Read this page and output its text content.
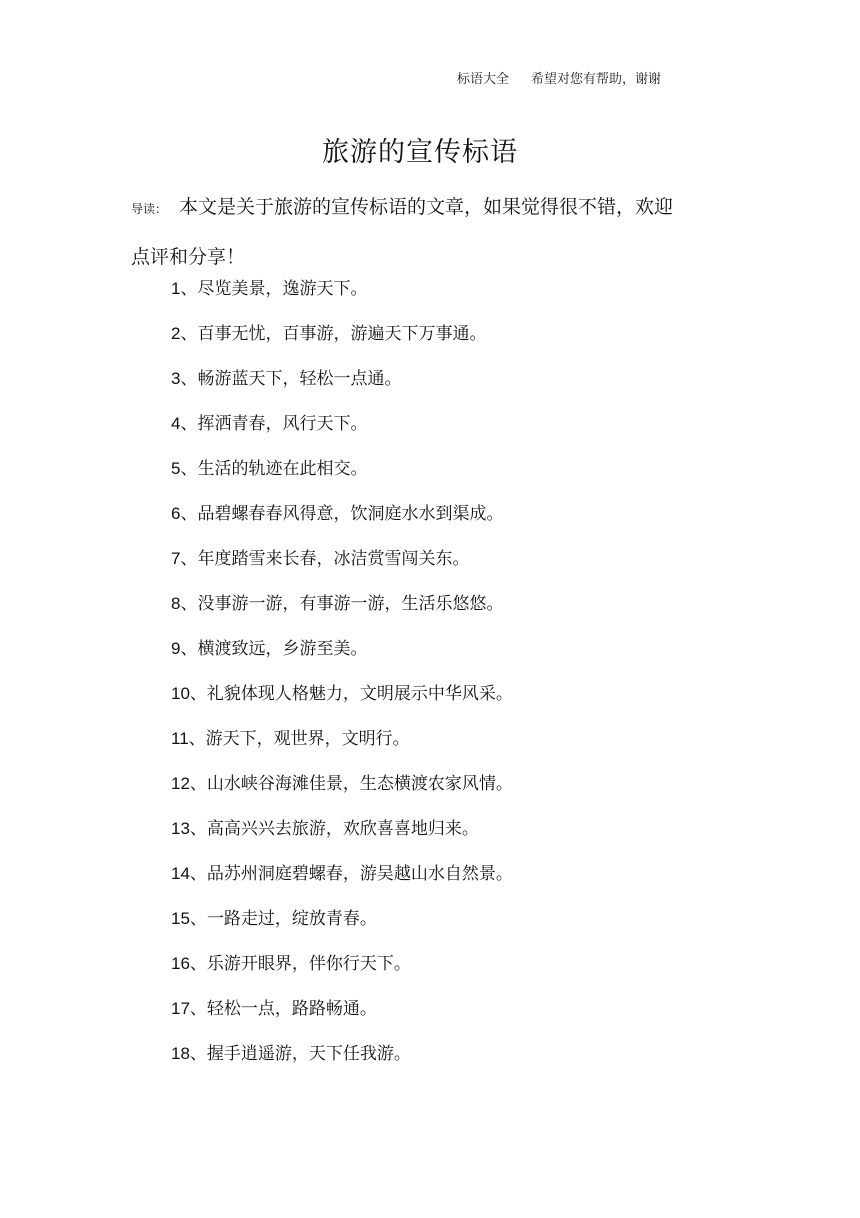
标语大全 希望对您有帮助，谢谢
旅游的宣传标语
导读： 本文是关于旅游的宣传标语的文章，如果觉得很不错，欢迎点评和分享！
1、尽览美景，逸游天下。
2、百事无忧，百事游，游遍天下万事通。
3、畅游蓝天下，轻松一点通。
4、挥洒青春，风行天下。
5、生活的轨迹在此相交。
6、品碧螺春春风得意，饮洞庭水水到渠成。
7、年度踏雪来长春，冰洁赏雪闯关东。
8、没事游一游，有事游一游，生活乐悠悠。
9、横渡致远，乡游至美。
10、礼貌体现人格魅力，文明展示中华风采。
11、游天下，观世界，文明行。
12、山水峡谷海滩佳景，生态横渡农家风情。
13、高高兴兴去旅游，欢欣喜喜地归来。
14、品苏州洞庭碧螺春，游吴越山水自然景。
15、一路走过，绽放青春。
16、乐游开眼界，伴你行天下。
17、轻松一点，路路畅通。
18、握手逍遥游，天下任我游。
